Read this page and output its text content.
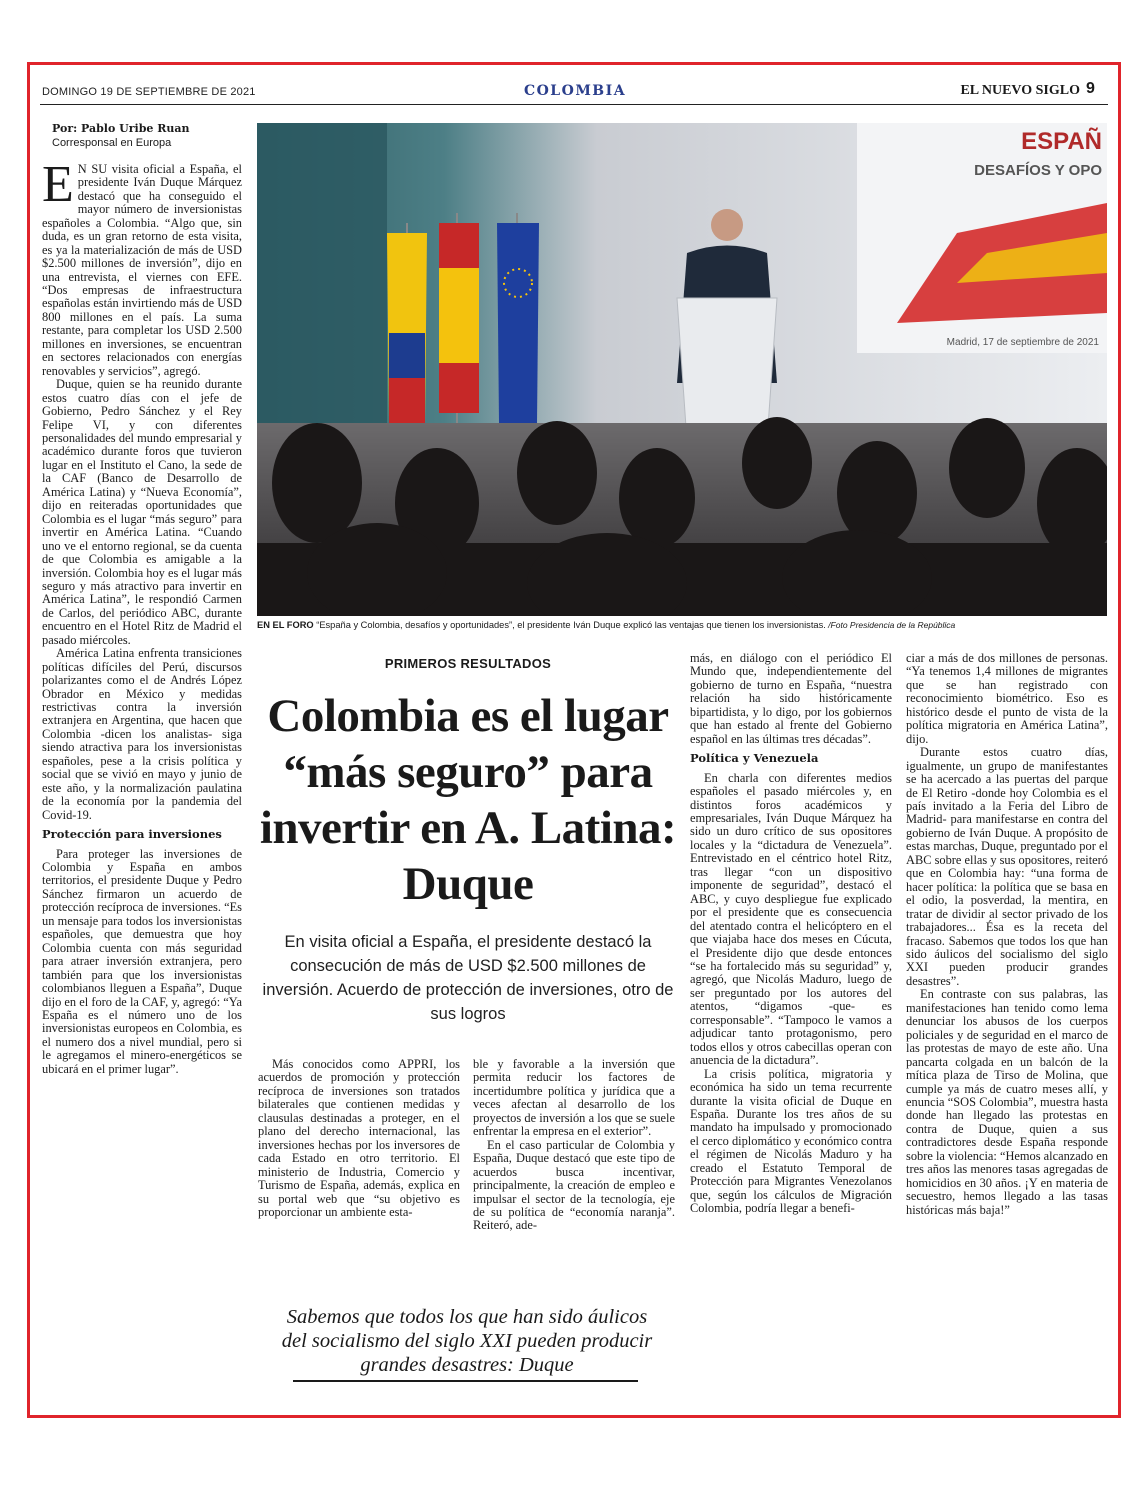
DOMINGO 19 DE SEPTIEMBRE DE 2021	COLOMBIA	EL NUEVO SIGLO 9
Por: Pablo Uribe Ruan
Corresponsal en Europa

E N SU visita oficial a España, el presidente Iván Duque Márquez destacó que ha conseguido el mayor número de inversionistas españoles a Colombia. “Algo que, sin duda, es un gran retorno de esta visita, es ya la materialización de más de USD $2.500 millones de inversión”, dijo en una entrevista, el viernes con EFE. “Dos empresas de infraestructura españolas están invirtiendo más de USD 800 millones en el país. La suma restante, para completar los USD 2.500 millones en inversiones, se encuentran en sectores relacionados con energías renovables y servicios”, agregó.

Duque, quien se ha reunido durante estos cuatro días con el jefe de Gobierno, Pedro Sánchez y el Rey Felipe VI, y con diferentes personalidades del mundo empresarial y académico durante foros que tuvieron lugar en el Instituto el Cano, la sede de la CAF (Banco de Desarrollo de América Latina) y “Nueva Economía”, dijo en reiteradas oportunidades que Colombia es el lugar “más seguro” para invertir en América Latina. “Cuando uno ve el entorno regional, se da cuenta de que Colombia es amigable a la inversión. Colombia hoy es el lugar más seguro y más atractivo para invertir en América Latina”, le respondió Carmen de Carlos, del periódico ABC, durante encuentro en el Hotel Ritz de Madrid el pasado miércoles.

América Latina enfrenta transiciones políticas difíciles del Perú, discursos polarizantes como el de Andrés López Obrador en México y medidas restrictivas contra la inversión extranjera en Argentina, que hacen que Colombia -dicen los analistas- siga siendo atractiva para los inversionistas españoles, pese a la crisis política y social que se vivió en mayo y junio de este año, y la normalización paulatina de la economía por la pandemia del Covid-19.

Protección para inversiones

Para proteger las inversiones de Colombia y España en ambos territorios, el presidente Duque y Pedro Sánchez firmaron un acuerdo de protección recíproca de inversiones. “Es un mensaje para todos los inversionistas españoles, que demuestra que hoy Colombia cuenta con más seguridad para atraer inversión extranjera, pero también para que los inversionistas colombianos lleguen a España”, Duque dijo en el foro de la CAF, y, agregó: “Ya España es el número uno de los inversionistas europeos en Colombia, es el numero dos a nivel mundial, pero si le agregamos el minero-energéticos se ubicará en el primer lugar”.

ESPAÑ
DESAFÍOS Y OPO
Madrid, 17 de septiembre de 2021
EN EL FORO “España y Colombia, desafíos y oportunidades”, el presidente Iván Duque explicó las ventajas que tienen los inversionistas. /Foto Presidencia de la República
PRIMEROS RESULTADOS
Colombia es el lugar “más seguro” para invertir en A. Latina: Duque
En visita oficial a España, el presidente destacó la consecución de más de USD $2.500 millones de inversión. Acuerdo de protección de inversiones, otro de sus logros

Más conocidos como APPRI, los acuerdos de promoción y protección recíproca de inversiones son tratados bilaterales que contienen medidas y clausulas destinadas a proteger, en el plano del derecho internacional, las inversiones hechas por los inversores de cada Estado en otro territorio. El ministerio de Industria, Comercio y Turismo de España, además, explica en su portal web que “su objetivo es proporcionar un ambiente esta-

ble y favorable a la inversión que permita reducir los factores de incertidumbre política y jurídica que a veces afectan al desarrollo de los proyectos de inversión a los que se suele enfrentar la empresa en el exterior”.

En el caso particular de Colombia y España, Duque destacó que este tipo de acuerdos busca incentivar, principalmente, la creación de empleo e impulsar el sector de la tecnología, eje de su política de “economía naranja”. Reiteró, ade-

Sabemos que todos los que han sido áulicos del socialismo del siglo XXI pueden producir grandes desastres: Duque

más, en diálogo con el periódico El Mundo que, independientemente del gobierno de turno en España, “nuestra relación ha sido históricamente bipartidista, y lo digo, por los gobiernos que han estado al frente del Gobierno español en las últimas tres décadas”.

Política y Venezuela

En charla con diferentes medios españoles el pasado miércoles y, en distintos foros académicos y empresariales, Iván Duque Márquez ha sido un duro crítico de sus opositores locales y la “dictadura de Venezuela”. Entrevistado en el céntrico hotel Ritz, tras llegar “con un dispositivo imponente de seguridad”, destacó el ABC, y cuyo despliegue fue explicado por el presidente que es consecuencia del atentado contra el helicóptero en el que viajaba hace dos meses en Cúcuta, el Presidente dijo que desde entonces “se ha fortalecido más su seguridad” y, agregó, que Nicolás Maduro, luego de ser preguntado por los autores del atentos, “digamos -que- es corresponsable”. “Tampoco le vamos a adjudicar tanto protagonismo, pero todos ellos y otros cabecillas operan con anuencia de la dictadura”.

La crisis política, migratoria y económica ha sido un tema recurrente durante la visita oficial de Duque en España. Durante los tres años de su mandato ha impulsado y promocionado el cerco diplomático y económico contra el régimen de Nicolás Maduro y ha creado el Estatuto Temporal de Protección para Migrantes Venezolanos que, según los cálculos de Migración Colombia, podría llegar a benefi-

ciar a más de dos millones de personas. “Ya tenemos 1,4 millones de migrantes que se han registrado con reconocimiento biométrico. Eso es histórico desde el punto de vista de la política migratoria en América Latina”, dijo.

Durante estos cuatro días, igualmente, un grupo de manifestantes se ha acercado a las puertas del parque de El Retiro -donde hoy Colombia es el país invitado a la Feria del Libro de Madrid- para manifestarse en contra del gobierno de Iván Duque. A propósito de estas marchas, Duque, preguntado por el ABC sobre ellas y sus opositores, reiteró que en Colombia hay: “una forma de hacer política: la política que se basa en el odio, la posverdad, la mentira, en tratar de dividir al sector privado de los trabajadores... Ésa es la receta del fracaso. Sabemos que todos los que han sido áulicos del socialismo del siglo XXI pueden producir grandes desastres”.

En contraste con sus palabras, las manifestaciones han tenido como lema denunciar los abusos de los cuerpos policiales y de seguridad en el marco de las protestas de mayo de este año. Una pancarta colgada en un balcón de la mítica plaza de Tirso de Molina, que cumple ya más de cuatro meses allí, y enuncia “SOS Colombia”, muestra hasta donde han llegado las protestas en contra de Duque, quien a sus contradictores desde España responde sobre la violencia: “Hemos alcanzado en tres años las menores tasas agregadas de homicidios en 30 años. ¡Y en materia de secuestro, hemos llegado a las tasas históricas más baja!”
